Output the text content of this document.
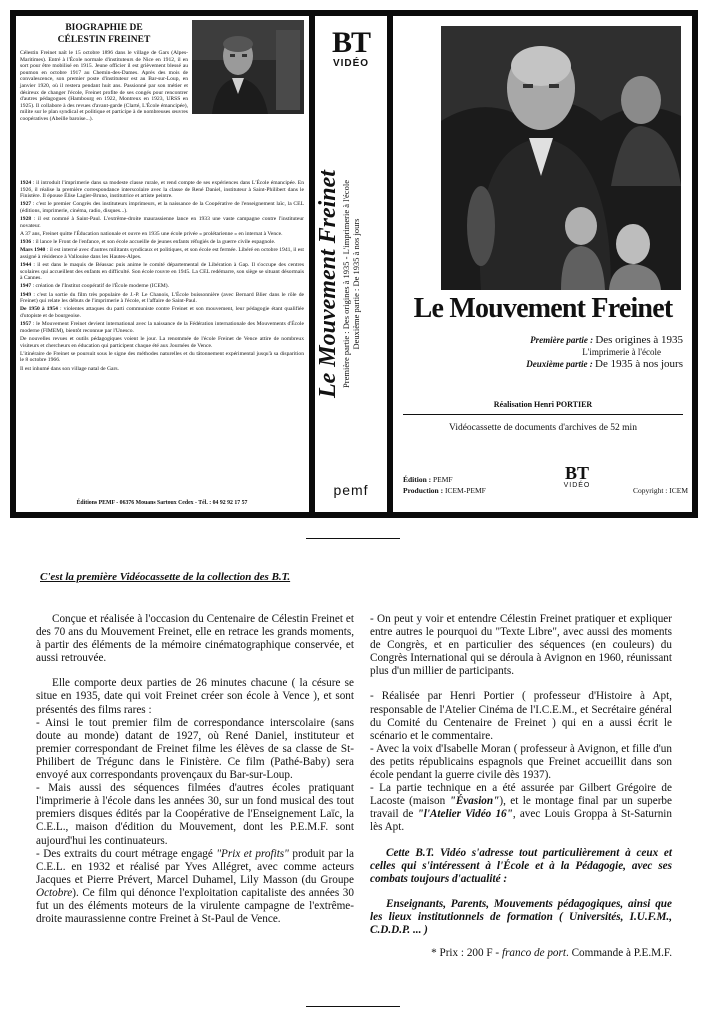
BIOGRAPHIE DE
CÉLESTIN FREINET
Célestin Freinet naît le 15 octobre 1896 dans le village de Gars (Alpes-Maritimes). Entré à l'École normale d'instituteurs de Nice en 1912, il en sort pour être mobilisé en 1915. Jeune officier il est grièvement blessé au poumon en octobre 1917 au Chemin-des-Dames. Après des mois de convalescence, son premier poste d'instituteur est au Bar-sur-Loup, en janvier 1920, où il restera pendant huit ans. Passionné par son métier et désireux de changer l'école, Freinet profite de ses congés pour rencontrer d'autres pédagogues (Hambourg en 1922, Montreux en 1923, URSS en 1925). Il collabore à des revues d'avant-garde (Clarté, L'École émancipée), milite sur le plan syndical et politique et participe à de nombreuses œuvres coopératives (Abeille baroise...).

1924 : il introduit l'imprimerie dans sa modeste classe rurale, et rend compte de ses expériences dans L'École émancipée. En 1926, il réalise la première correspondance interscolaire avec la classe de René Daniel, instituteur à Saint-Philibert dans le Finistère. Il épouse Élise Lagier-Bruno, institutrice et artiste peintre.

1927 : c'est le premier Congrès des instituteurs imprimeurs, et la naissance de la Coopérative de l'enseignement laïc, la CEL (éditions, imprimerie, cinéma, radio, disques...).

1928 : il est nommé à Saint-Paul. L'extrême-droite maurassienne lance en 1933 une vaste campagne contre l'instituteur novateur.

A 37 ans, Freinet quitte l'Éducation nationale et ouvre en 1935 une école privée « prolétarienne » en internat à Vence.

1936 : il lance le Front de l'enfance, et son école accueille de jeunes enfants réfugiés de la guerre civile espagnole.

Mars 1940 : il est interné avec d'autres militants syndicaux et politiques, et son école est fermée. Libéré en octobre 1941, il est assigné à résidence à Vallouise dans les Hautes-Alpes.

1944 : il est dans le maquis de Béassac puis anime le comité départemental de Libération à Gap. Il s'occupe des centres scolaires qui accueillent des enfants en difficulté. Son école rouvre en 1945. La CEL redémarre, son siège se situant désormais à Cannes.

1947 : création de l'Institut coopératif de l'École moderne (ICEM).

1949 : c'est la sortie du film très populaire de J.-P. Le Chanois, L'École buissonnière (avec Bernard Blier dans le rôle de Freinet) qui relate les débuts de l'imprimerie à l'école, et l'affaire de Saint-Paul.

De 1950 à 1954 : violentes attaques du parti communiste contre Freinet et son mouvement, leur pédagogie étant qualifiée d'utopiste et de bourgeoise.

1957 : le Mouvement Freinet devient international avec la naissance de la Fédération internationale des Mouvements d'École moderne (FIMEM), bientôt reconnue par l'Unesco.

De nouvelles revues et outils pédagogiques voient le jour. La renommée de l'école Freinet de Vence attire de nombreux visiteurs et chercheurs en éducation qui participent chaque été aux Journées de Vence.

L'itinéraire de Freinet se poursuit sous le signe des méthodes naturelles et du tâtonnement expérimental jusqu'à sa disparition le 8 octobre 1966.

Il est inhumé dans son village natal de Gars.

Éditions PEMF - 06376 Mouans Sartoux Cedex - Tél. : 04 92 92 17 57
BT
VIDÉO
Le Mouvement Freinet Première partie : Des origines à 1935 - L'imprimerie à l'école Deuxième partie : De 1935 à nos jours
pemf
Le Mouvement Freinet
Première partie : Des origines à 1935
L'imprimerie à l'école
Deuxième partie : De 1935 à nos jours
Réalisation Henri PORTIER
Vidéocassette de documents d'archives de 52 min
Édition : PEMF
Production : ICEM-PEMF
BT
VIDÉO
Copyright : ICEM
C'est la première Vidéocassette de la collection des B.T.

Conçue et réalisée à l'occasion du Centenaire de Célestin Freinet et des 70 ans du Mouvement Freinet, elle en retrace les grands moments, à partir des éléments de la mémoire cinématographique conservée, et aussi retrouvée.

Elle comporte deux parties de 26 minutes chacune ( la césure se situe en 1935, date qui voit Freinet créer son école à Vence ), et sont présentés des films rares :

- Ainsi le tout premier film de correspondance interscolaire (sans doute au monde) datant de 1927, où René Daniel, instituteur et premier correspondant de Freinet filme les élèves de sa classe de St-Philibert de Trégunc dans le Finistère. Ce film (Pathé-Baby) sera envoyé aux correspondants provençaux du Bar-sur-Loup.

- Mais aussi des séquences filmées d'autres écoles pratiquant l'imprimerie à l'école dans les années 30, sur un fond musical des tout premiers disques édités par la Coopérative de l'Enseignement Laïc, la C.E.L., maison d'édition du Mouvement, dont les P.E.M.F. sont aujourd'hui les continuateurs.

- Des extraits du court métrage engagé "Prix et profits" produit par la C.E.L. en 1932 et réalisé par Yves Allégret, avec comme acteurs Jacques et Pierre Prévert, Marcel Duhamel, Lily Masson (du Groupe Octobre). Ce film qui dénonce l'exploitation capitaliste des années 30 fut un des éléments moteurs de la virulente campagne de l'extrême-droite maurassienne contre Freinet à St-Paul de Vence.

- On peut y voir et entendre Célestin Freinet pratiquer et expliquer entre autres le pourquoi du "Texte Libre", avec aussi des moments de Congrès, et en particulier des séquences (en couleurs) du Congrès International qui se déroula à Avignon en 1960, réunissant plus d'un millier de participants.

- Réalisée par Henri Portier ( professeur d'Histoire à Apt, responsable de l'Atelier Cinéma de l'I.C.E.M., et Secrétaire général du Comité du Centenaire de Freinet ) qui en a aussi écrit le scénario et le commentaire.

- Avec la voix d'Isabelle Moran ( professeur à Avignon, et fille d'un des petits républicains espagnols que Freinet accueillit dans son école pendant la guerre civile dès 1937).

- La partie technique en a été assurée par Gilbert Grégoire de Lacoste (maison "Évasion"), et le montage final par un superbe travail de "l'Atelier Vidéo 16", avec Louis Groppa à St-Saturnin lès Apt.

Cette B.T. Vidéo s'adresse tout particulièrement à ceux et celles qui s'intéressent à l'École et à la Pédagogie, avec ses combats toujours d'actualité :

Enseignants, Parents, Mouvements pédagogiques, ainsi que les lieux institutionnels de formation ( Universités, I.U.F.M., C.D.D.P. ... )

* Prix : 200 F - franco de port. Commande à P.E.M.F.
